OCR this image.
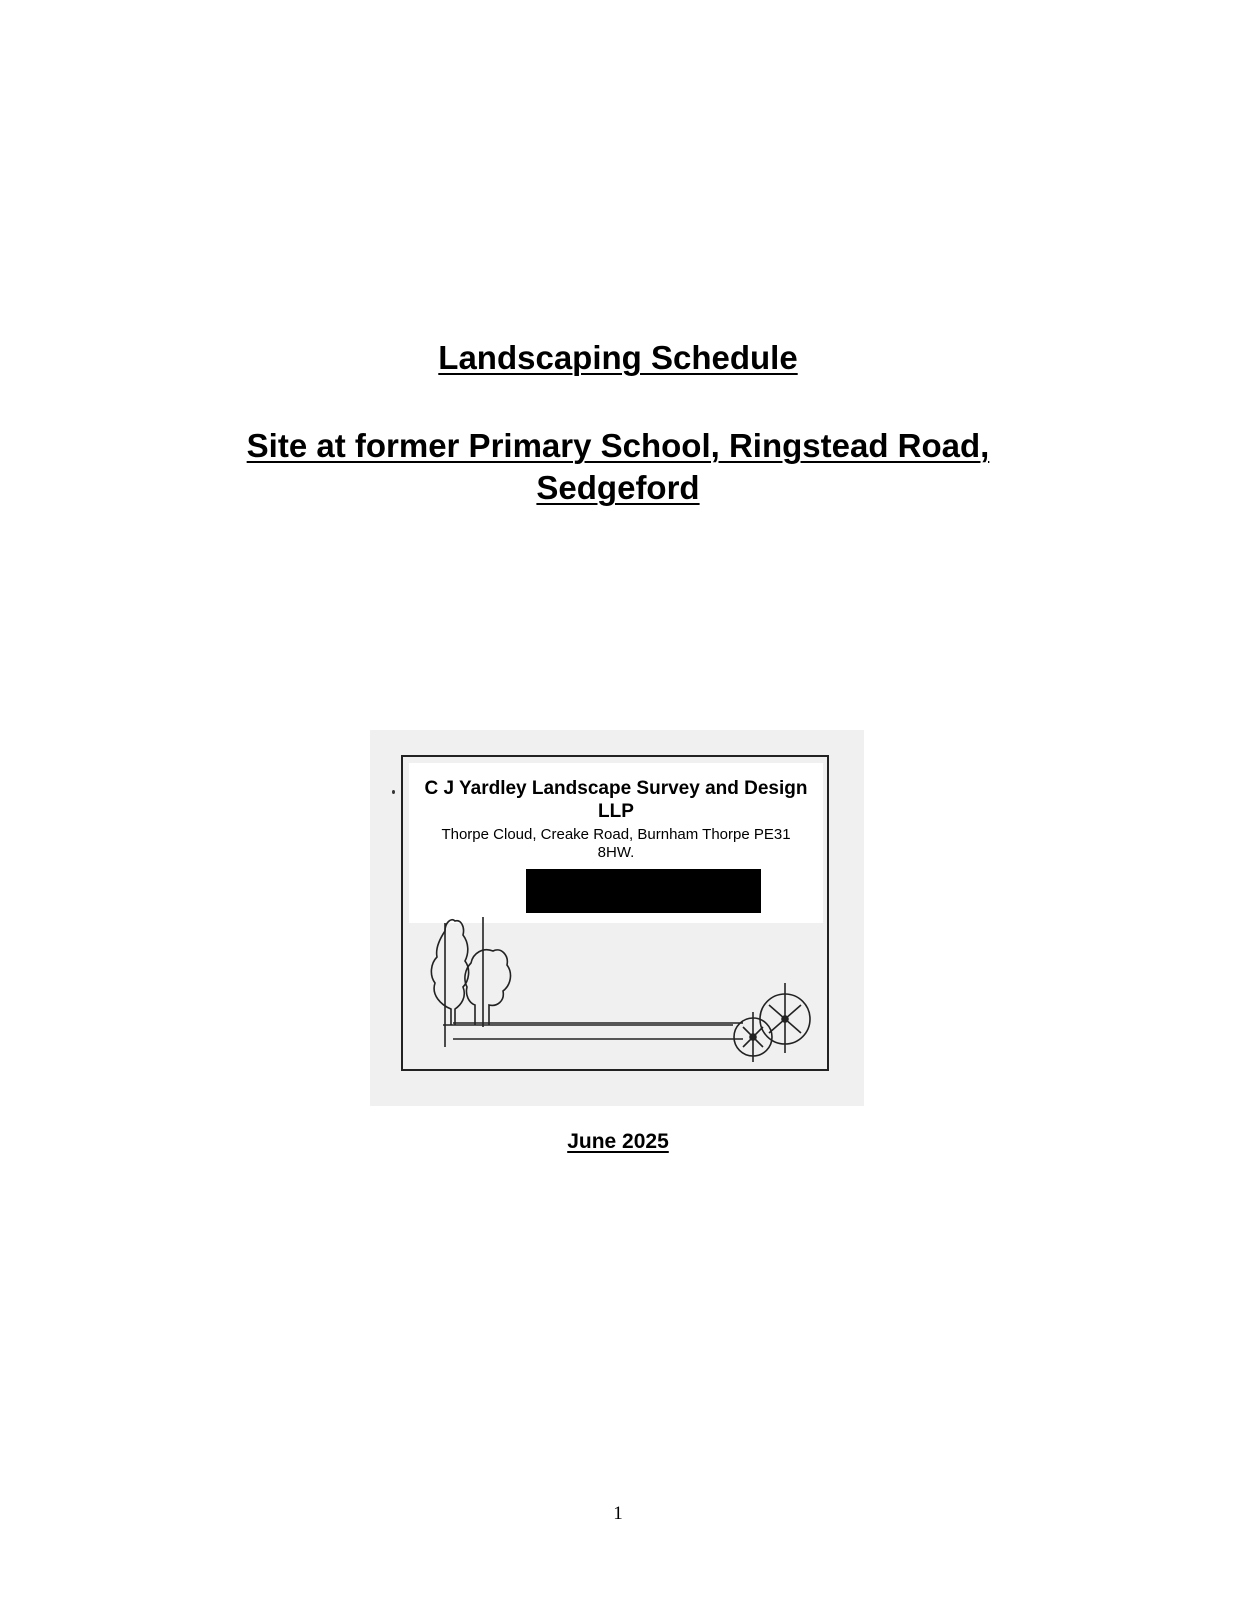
Landscaping Schedule
Site at former Primary School, Ringstead Road, Sedgeford
C J Yardley Landscape Survey and Design LLP
Thorpe Cloud, Creake Road, Burnham Thorpe PE31 8HW.

June 2025

1
